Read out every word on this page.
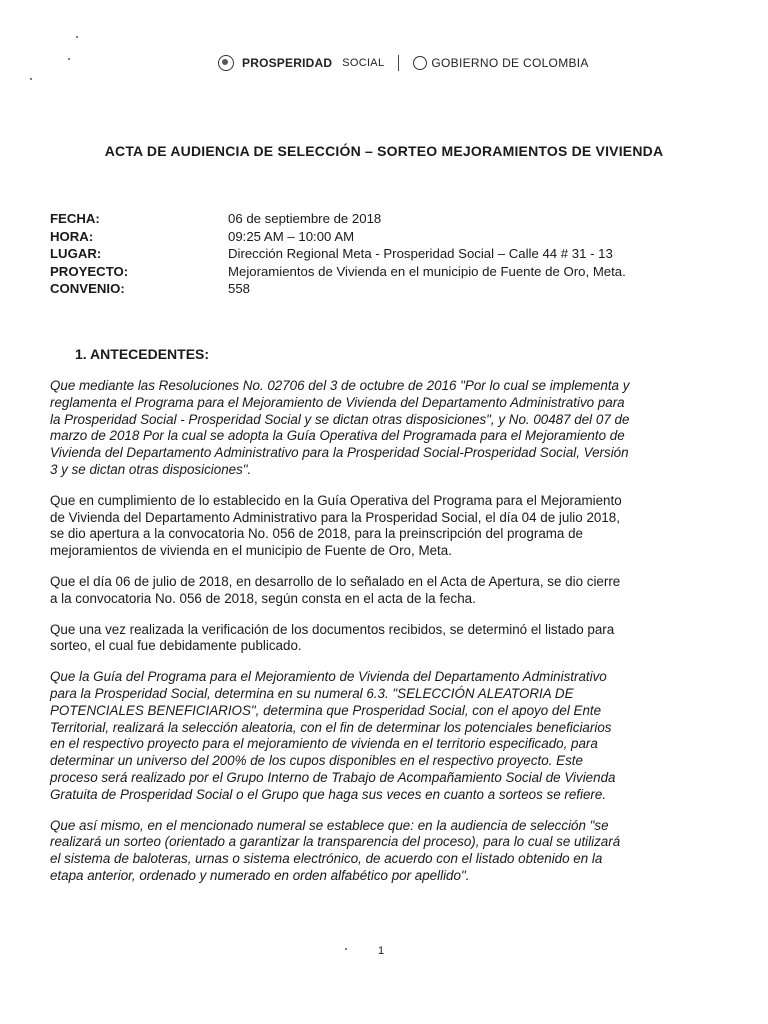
PROSPERIDAD SOCIAL	GOBIERNO DE COLOMBIA
ACTA DE AUDIENCIA DE SELECCIÓN – SORTEO MEJORAMIENTOS DE VIVIENDA
FECHA:	06 de septiembre de 2018
HORA:	09:25 AM – 10:00 AM
LUGAR:	Dirección Regional Meta - Prosperidad Social – Calle 44 # 31 - 13
PROYECTO:	Mejoramientos de Vivienda en el municipio de Fuente de Oro, Meta.
CONVENIO:	558
1. ANTECEDENTES:
Que mediante las Resoluciones No. 02706 del 3 de octubre de 2016 "Por lo cual se implementa y
reglamenta el Programa para el Mejoramiento de Vivienda del Departamento Administrativo para
la Prosperidad Social - Prosperidad Social y se dictan otras disposiciones", y No. 00487 del 07 de
marzo de 2018 Por la cual se adopta la Guía Operativa del Programada para el Mejoramiento de
Vivienda del Departamento Administrativo para la Prosperidad Social-Prosperidad Social, Versión
3 y se dictan otras disposiciones".
Que en cumplimiento de lo establecido en la Guía Operativa del Programa para el Mejoramiento
de Vivienda del Departamento Administrativo para la Prosperidad Social, el día 04 de julio 2018,
se dio apertura a la convocatoria No. 056 de 2018, para la preinscripción del programa de
mejoramientos de vivienda en el municipio de Fuente de Oro, Meta.
Que el día 06 de julio de 2018, en desarrollo de lo señalado en el Acta de Apertura, se dio cierre
a la convocatoria No. 056 de 2018, según consta en el acta de la fecha.
Que una vez realizada la verificación de los documentos recibidos, se determinó el listado para
sorteo, el cual fue debidamente publicado.
Que la Guía del Programa para el Mejoramiento de Vivienda del Departamento Administrativo
para la Prosperidad Social, determina en su numeral 6.3. "SELECCIÓN ALEATORIA DE
POTENCIALES BENEFICIARIOS", determina que Prosperidad Social, con el apoyo del Ente
Territorial, realizará la selección aleatoria, con el fin de determinar los potenciales beneficiarios
en el respectivo proyecto para el mejoramiento de vivienda en el territorio especificado, para
determinar un universo del 200% de los cupos disponibles en el respectivo proyecto. Este
proceso será realizado por el Grupo Interno de Trabajo de Acompañamiento Social de Vivienda
Gratuita de Prosperidad Social o el Grupo que haga sus veces en cuanto a sorteos se refiere.
Que así mismo, en el mencionado numeral se establece que: en la audiencia de selección "se
realizará un sorteo (orientado a garantizar la transparencia del proceso), para lo cual se utilizará
el sistema de baloteras, urnas o sistema electrónico, de acuerdo con el listado obtenido en la
etapa anterior, ordenado y numerado en orden alfabético por apellido".
1
